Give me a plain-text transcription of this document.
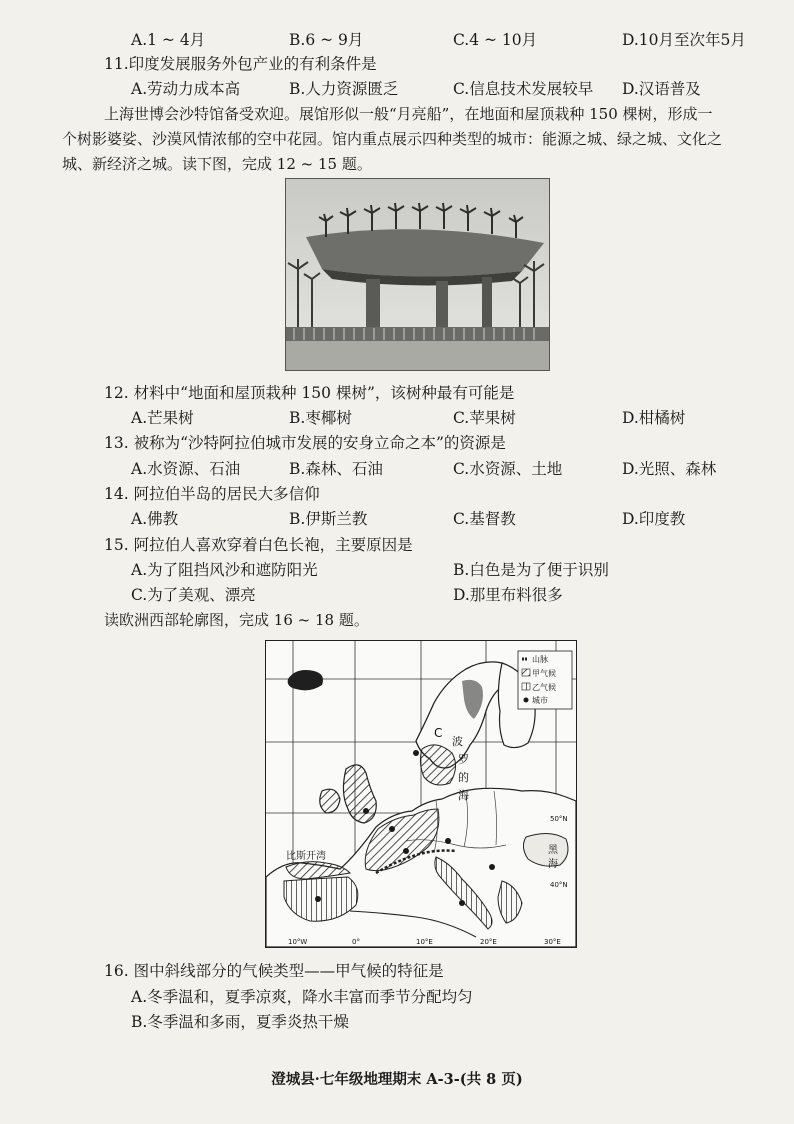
A.1 ~ 4月	B.6 ~ 9月	C.4 ~ 10月	D.10月至次年5月
11.印度发展服务外包产业的有利条件是
A.劳动力成本高	B.人力资源匮乏	C.信息技术发展较早 D.汉语普及
上海世博会沙特馆备受欢迎。展馆形似一般“月亮船”，在地面和屋顶栽种 150 棵树，形成一
个树影婆娑、沙漠风情浓郁的空中花园。馆内重点展示四种类型的城市：能源之城、绿之城、文化之
城、新经济之城。读下图，完成 12 ~ 15 题。
12. 材料中“地面和屋顶栽种 150 棵树”，该树种最有可能是
A.芒果树	B.枣椰树	C.苹果树	D.柑橘树
13. 被称为“沙特阿拉伯城市发展的安身立命之本”的资源是
A.水资源、石油	B.森林、石油	C.水资源、土地	D.光照、森林
14. 阿拉伯半岛的居民大多信仰
A.佛教	B.伊斯兰教	C.基督教	D.印度教
15. 阿拉伯人喜欢穿着白色长袍，主要原因是
A.为了阻挡风沙和遮防阳光	B.白色是为了便于识别
C.为了美观、漂亮	D.那里布料很多
读欧洲西部轮廓图，完成 16 ~ 18 题。
山脉
甲气候
乙气候
城市
C
波
罗
的
海
比斯开湾
黑
海
50°N
40°N
10°W	0°	10°E	20°E	30°E
16. 图中斜线部分的气候类型——甲气候的特征是
A.冬季温和，夏季凉爽，降水丰富而季节分配均匀
B.冬季温和多雨，夏季炎热干燥
澄城县·七年级地理期末 A-3-(共 8 页)
